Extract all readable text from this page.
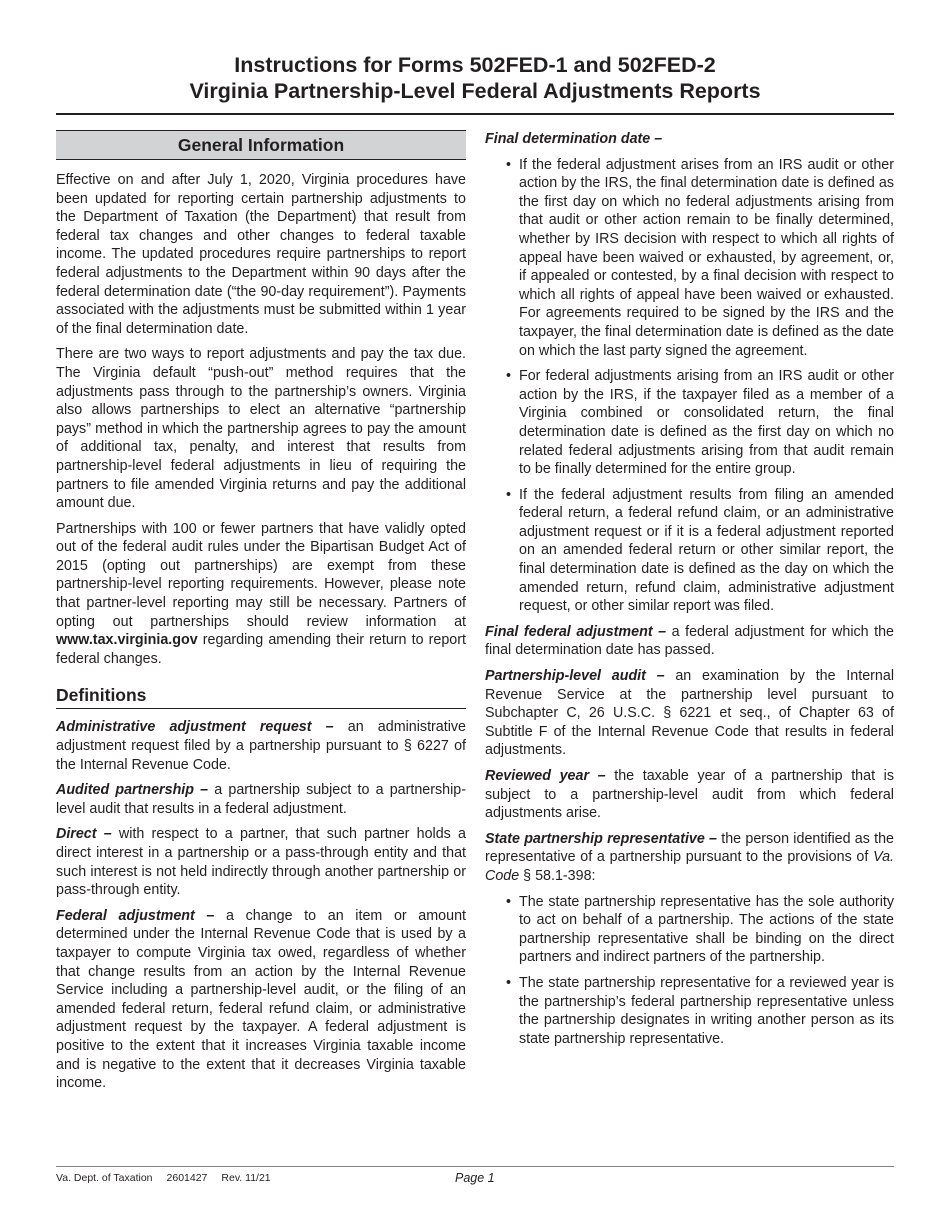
Instructions for Forms 502FED-1 and 502FED-2
Virginia Partnership-Level Federal Adjustments Reports
General Information

Effective on and after July 1, 2020, Virginia procedures have been updated for reporting certain partnership adjustments to the Department of Taxation (the Department) that result from federal tax changes and other changes to federal taxable income. The updated procedures require partnerships to report federal adjustments to the Department within 90 days after the federal determination date (“the 90-day requirement”). Payments associated with the adjustments must be submitted within 1 year of the final determination date.

There are two ways to report adjustments and pay the tax due. The Virginia default “push-out” method requires that the adjustments pass through to the partnership’s owners. Virginia also allows partnerships to elect an alternative “partnership pays” method in which the partnership agrees to pay the amount of additional tax, penalty, and interest that results from partnership-level federal adjustments in lieu of requiring the partners to file amended Virginia returns and pay the additional amount due.

Partnerships with 100 or fewer partners that have validly opted out of the federal audit rules under the Bipartisan Budget Act of 2015 (opting out partnerships) are exempt from these partnership-level reporting requirements. However, please note that partner-level reporting may still be necessary. Partners of opting out partnerships should review information at www.tax.virginia.gov regarding amending their return to report federal changes.

Definitions

Administrative adjustment request – an administrative adjustment request filed by a partnership pursuant to § 6227 of the Internal Revenue Code.

Audited partnership – a partnership subject to a partnership-level audit that results in a federal adjustment.

Direct – with respect to a partner, that such partner holds a direct interest in a partnership or a pass-through entity and that such interest is not held indirectly through another partnership or pass-through entity.

Federal adjustment – a change to an item or amount determined under the Internal Revenue Code that is used by a taxpayer to compute Virginia tax owed, regardless of whether that change results from an action by the Internal Revenue Service including a partnership-level audit, or the filing of an amended federal return, federal refund claim, or administrative adjustment request by the taxpayer. A federal adjustment is positive to the extent that it increases Virginia taxable income and is negative to the extent that it decreases Virginia taxable income.

Final determination date –
• If the federal adjustment arises from an IRS audit or other action by the IRS, the final determination date is defined as the first day on which no federal adjustments arising from that audit or other action remain to be finally determined, whether by IRS decision with respect to which all rights of appeal have been waived or exhausted, by agreement, or, if appealed or contested, by a final decision with respect to which all rights of appeal have been waived or exhausted. For agreements required to be signed by the IRS and the taxpayer, the final determination date is defined as the date on which the last party signed the agreement.
• For federal adjustments arising from an IRS audit or other action by the IRS, if the taxpayer filed as a member of a Virginia combined or consolidated return, the final determination date is defined as the first day on which no related federal adjustments arising from that audit remain to be finally determined for the entire group.
• If the federal adjustment results from filing an amended federal return, a federal refund claim, or an administrative adjustment request or if it is a federal adjustment reported on an amended federal return or other similar report, the final determination date is defined as the day on which the amended return, refund claim, administrative adjustment request, or other similar report was filed.

Final federal adjustment – a federal adjustment for which the final determination date has passed.

Partnership-level audit – an examination by the Internal Revenue Service at the partnership level pursuant to Subchapter C, 26 U.S.C. § 6221 et seq., of Chapter 63 of Subtitle F of the Internal Revenue Code that results in federal adjustments.

Reviewed year – the taxable year of a partnership that is subject to a partnership-level audit from which federal adjustments arise.

State partnership representative – the person identified as the representative of a partnership pursuant to the provisions of Va. Code § 58.1-398:

• The state partnership representative has the sole authority to act on behalf of a partnership. The actions of the state partnership representative shall be binding on the direct partners and indirect partners of the partnership.
• The state partnership representative for a reviewed year is the partnership’s federal partnership representative unless the partnership designates in writing another person as its state partnership representative.
Va. Dept. of Taxation 2601427 Rev. 11/21	Page 1
